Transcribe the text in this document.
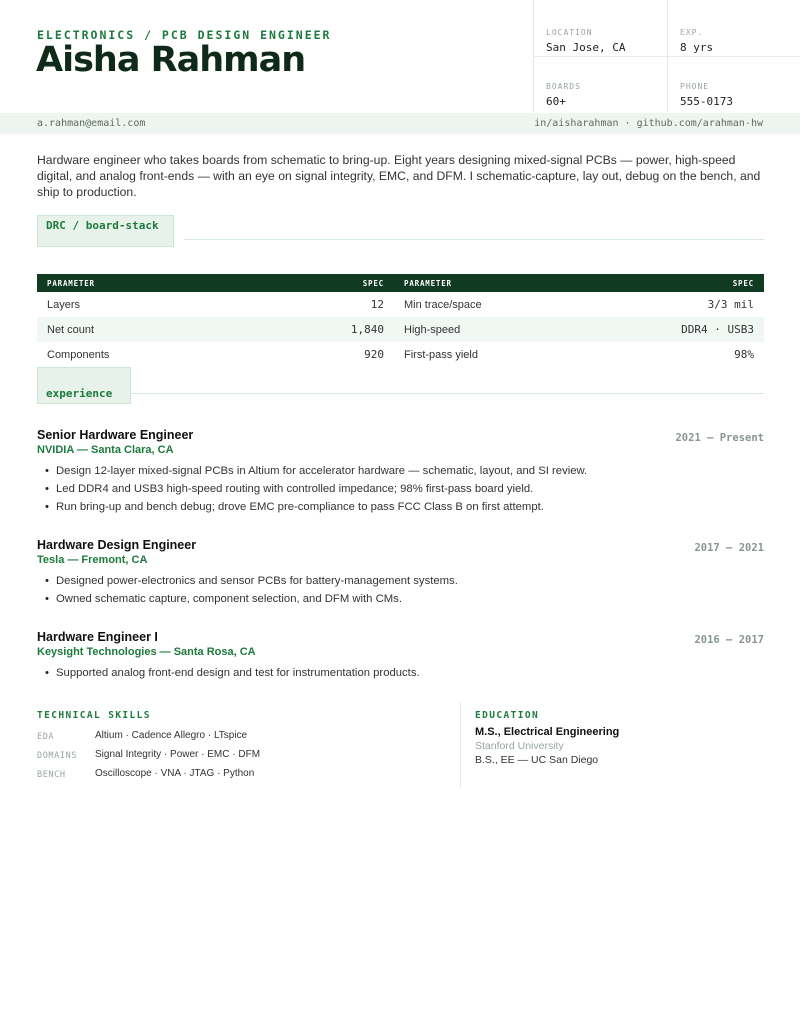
ELECTRONICS / PCB DESIGN ENGINEER
Aisha Rahman
LOCATION
San Jose, CA
EXP.
8 yrs
BOARDS
60+
PHONE
555-0173
a.rahman@email.com	in/aisharahman · github.com/arahman-hw

Hardware engineer who takes boards from schematic to bring-up. Eight years designing mixed-signal PCBs — power, high-speed digital, and analog front-ends — with an eye on signal integrity, EMC, and DFM. I schematic-capture, lay out, debug on the bench, and ship to production.

DRC / board-stack
PARAMETER	SPEC	PARAMETER	SPEC
Layers	12	Min trace/space	3/3 mil
Net count	1,840	High-speed	DDR4 · USB3
Components	920	First-pass yield	98%
experience
Senior Hardware Engineer
NVIDIA — Santa Clara, CA
2021 — Present
• Design 12-layer mixed-signal PCBs in Altium for accelerator hardware — schematic, layout, and SI review.
• Led DDR4 and USB3 high-speed routing with controlled impedance; 98% first-pass board yield.
• Run bring-up and bench debug; drove EMC pre-compliance to pass FCC Class B on first attempt.
Hardware Design Engineer
Tesla — Fremont, CA
2017 — 2021
• Designed power-electronics and sensor PCBs for battery-management systems.
• Owned schematic capture, component selection, and DFM with CMs.
Hardware Engineer I
Keysight Technologies — Santa Rosa, CA
2016 — 2017
• Supported analog front-end design and test for instrumentation products.
TECHNICAL SKILLS
EDA	Altium · Cadence Allegro · LTspice
DOMAINS Signal Integrity · Power · EMC · DFM
BENCH	Oscilloscope · VNA · JTAG · Python
EDUCATION
M.S., Electrical Engineering
Stanford University
B.S., EE — UC San Diego
